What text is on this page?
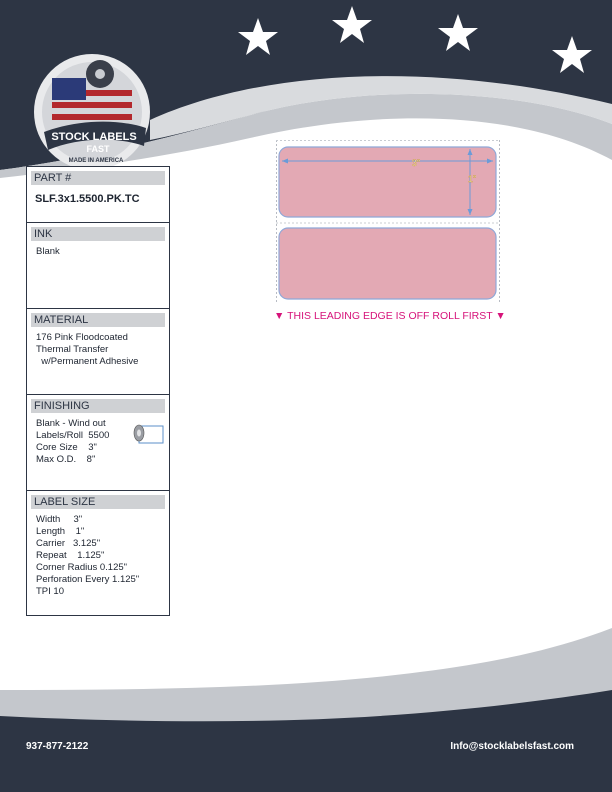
STOCK LABELS
FAST
MADE IN AMERICA
PART #
SLF.3x1.5500.PK.TC
INK
Blank
MATERIAL
176 Pink Floodcoated
Thermal Transfer
w/Permanent Adhesive
FINISHING
Blank - Wind out
Labels/Roll  5500
Core Size    3"
Max O.D.    8"
LABEL SIZE
Width     3"
Length    1"
Carrier   3.125"
Repeat    1.125"
Corner Radius 0.125"
Perforation Every 1.125"
TPI 10
3"
1"
▼ THIS LEADING EDGE IS OFF ROLL FIRST ▼
937-877-2122	Info@stocklabelsfast.com
